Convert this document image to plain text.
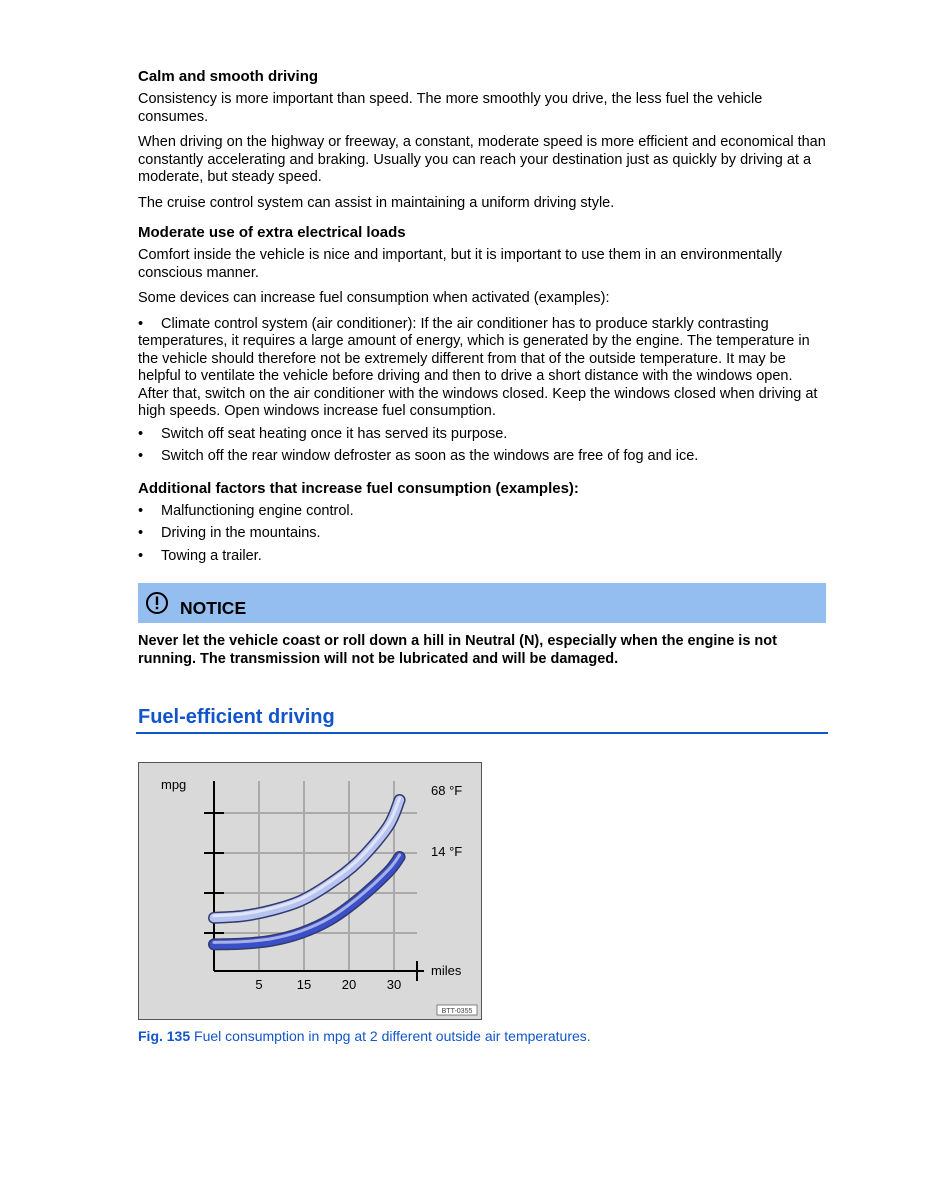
Calm and smooth driving

Consistency is more important than speed. The more smoothly you drive, the less fuel the vehicle consumes.

When driving on the highway or freeway, a constant, moderate speed is more efficient and economical than constantly accelerating and braking. Usually you can reach your destination just as quickly by driving at a moderate, but steady speed.

The cruise control system can assist in maintaining a uniform driving style.

Moderate use of extra electrical loads

Comfort inside the vehicle is nice and important, but it is important to use them in an environmentally conscious manner.

Some devices can increase fuel consumption when activated (examples):

• Climate control system (air conditioner): If the air conditioner has to produce starkly contrasting temperatures, it requires a large amount of energy, which is generated by the engine. The temperature in the vehicle should therefore not be extremely different from that of the outside temperature. It may be helpful to ventilate the vehicle before driving and then to drive a short distance with the windows open. After that, switch on the air conditioner with the windows closed. Keep the windows closed when driving at high speeds. Open windows increase fuel consumption.
• Switch off seat heating once it has served its purpose.
• Switch off the rear window defroster as soon as the windows are free of fog and ice.
Additional factors that increase fuel consumption (examples):
• Malfunctioning engine control.
• Driving in the mountains.
• Towing a trailer.
NOTICE

Never let the vehicle coast or roll down a hill in Neutral (N), especially when the engine is not running. The transmission will not be lubricated and will be damaged.

Fuel-efficient driving
mpg
miles
5	15 20 30
68 °F
14 °F
BTT-0355
Fig. 135 Fuel consumption in mpg at 2 different outside air temperatures.
